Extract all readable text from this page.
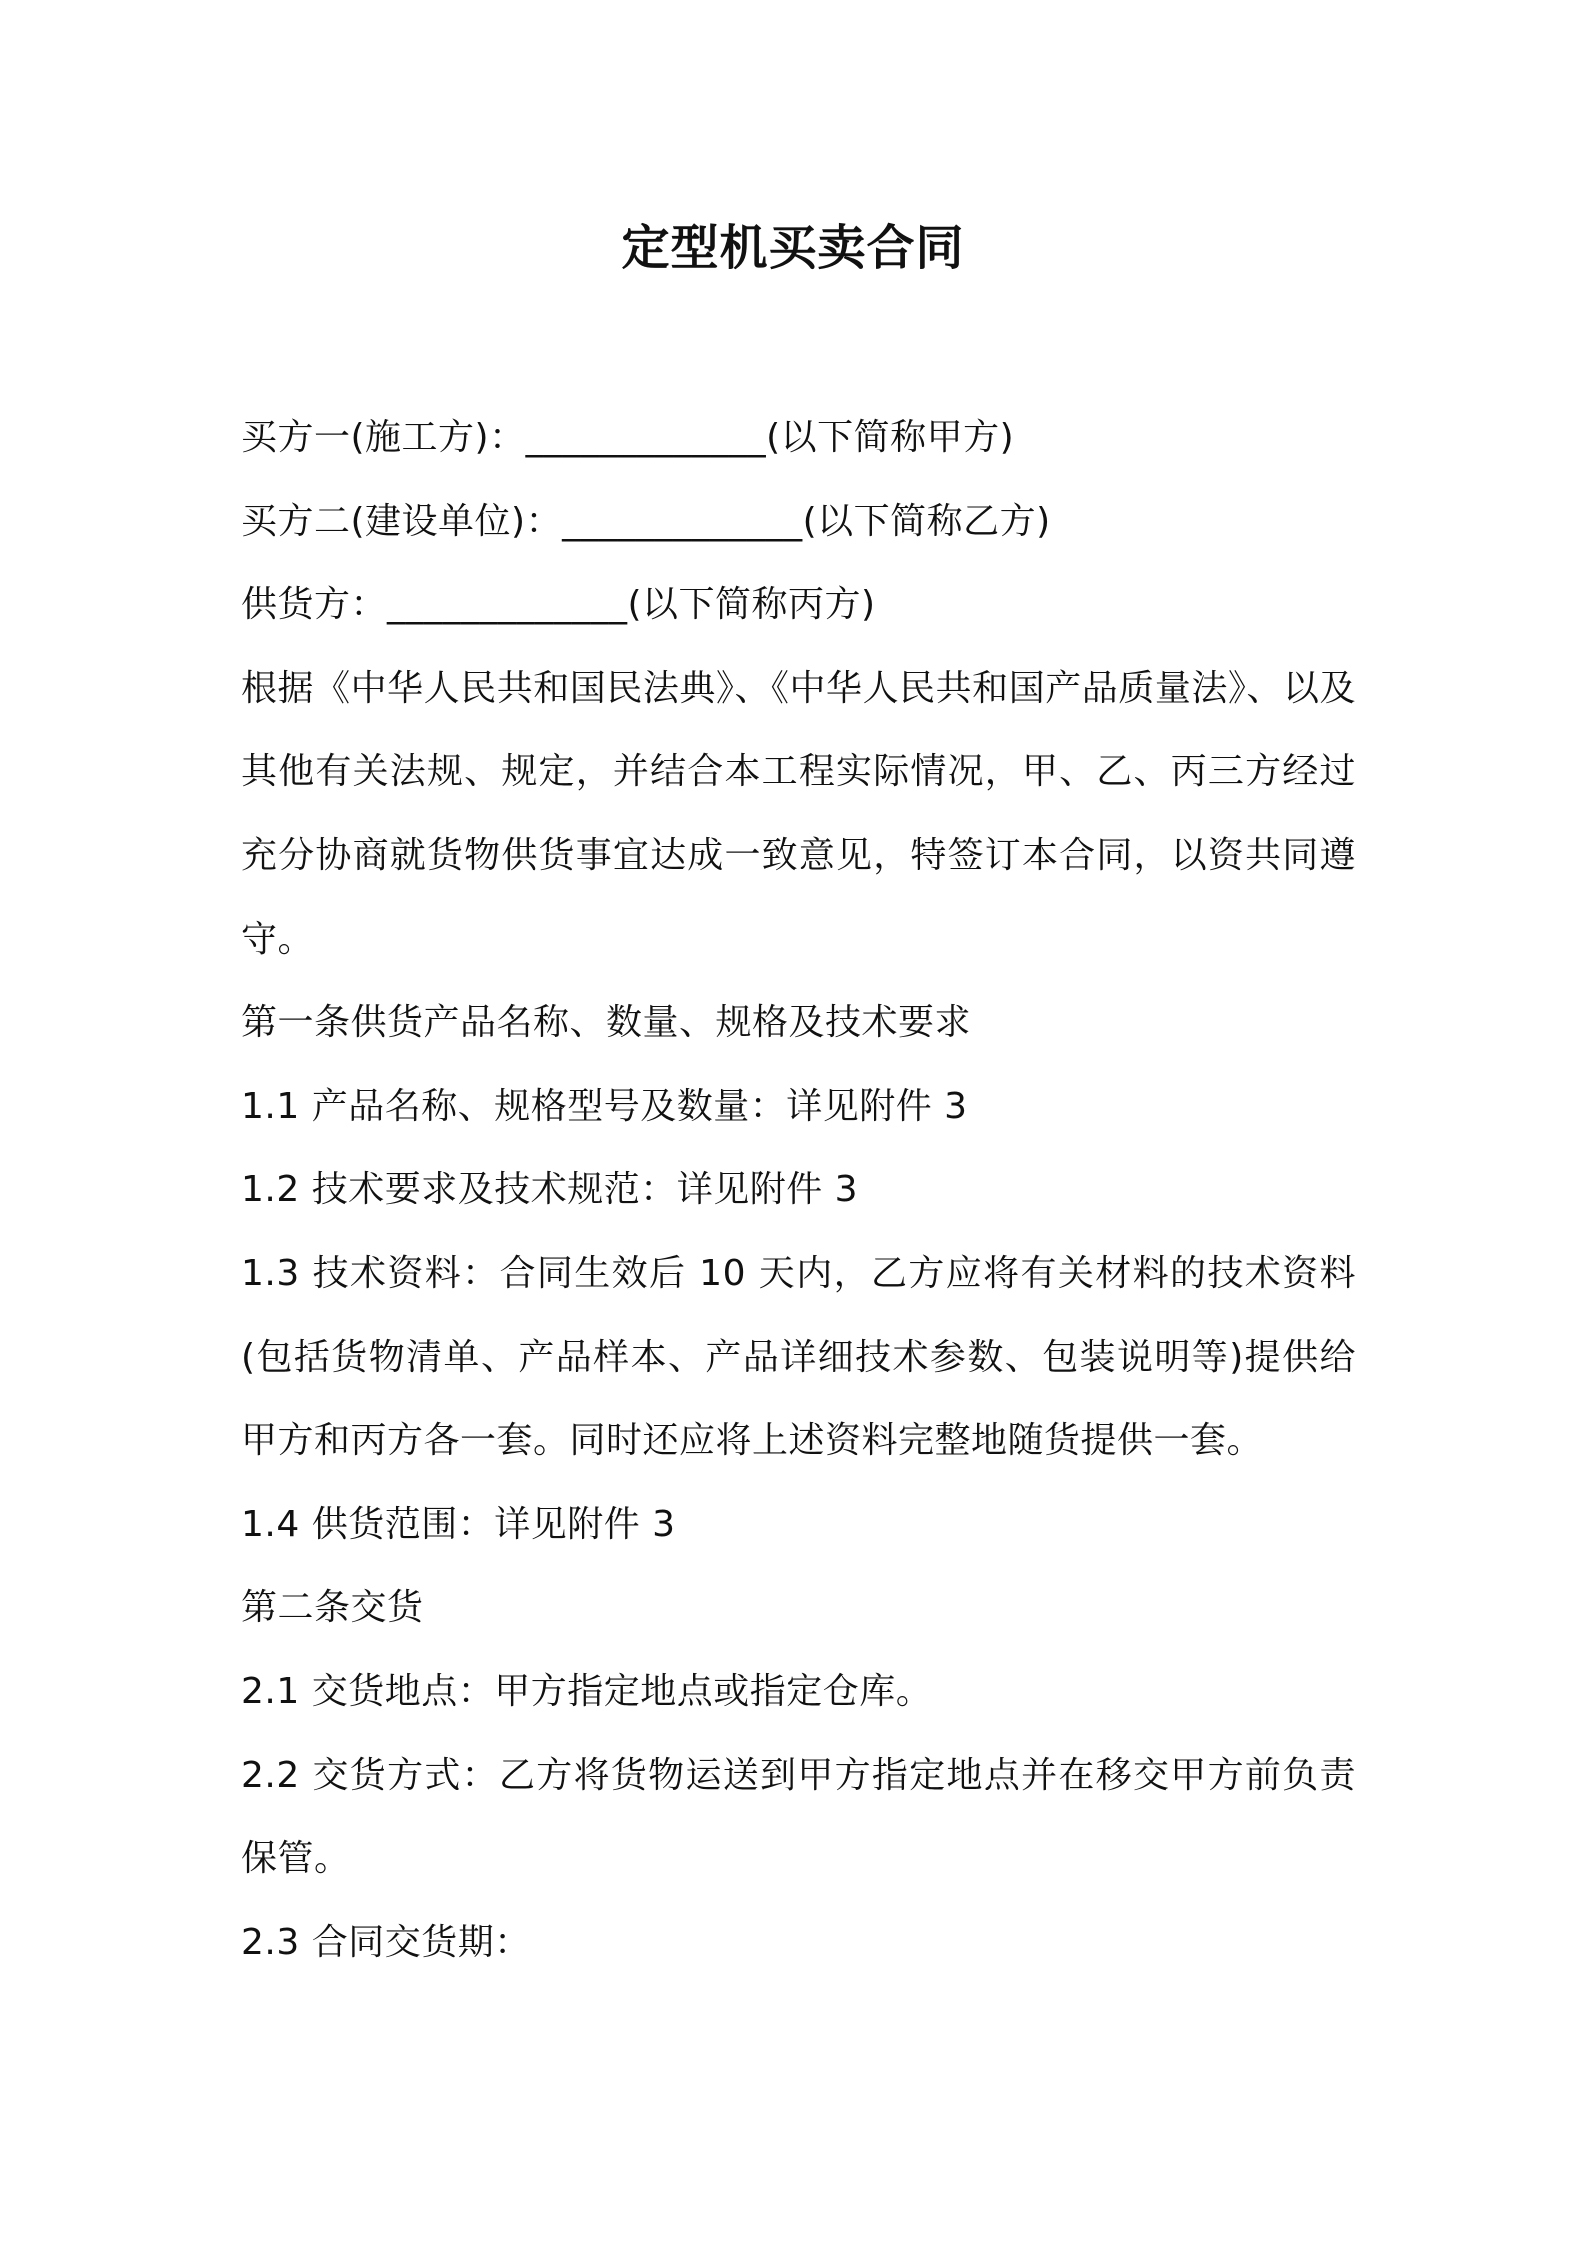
定型机买卖合同

买方一(施工方)：_____________(以下简称甲方)

买方二(建设单位)：_____________(以下简称乙方)

供货方：_____________(以下简称丙方)

根据《中华人民共和国民法典》、《中华人民共和国产品质量法》、以及其他有关法规、规定，并结合本工程实际情况，甲、乙、丙三方经过充分协商就货物供货事宜达成一致意见，特签订本合同，以资共同遵守。

第一条供货产品名称、数量、规格及技术要求

1.1 产品名称、规格型号及数量：详见附件 3

1.2 技术要求及技术规范：详见附件 3

1.3 技术资料：合同生效后 10 天内，乙方应将有关材料的技术资料(包括货物清单、产品样本、产品详细技术参数、包装说明等)提供给甲方和丙方各一套。同时还应将上述资料完整地随货提供一套。

1.4 供货范围：详见附件 3

第二条交货

2.1 交货地点：甲方指定地点或指定仓库。

2.2 交货方式：乙方将货物运送到甲方指定地点并在移交甲方前负责保管。

2.3 合同交货期：
